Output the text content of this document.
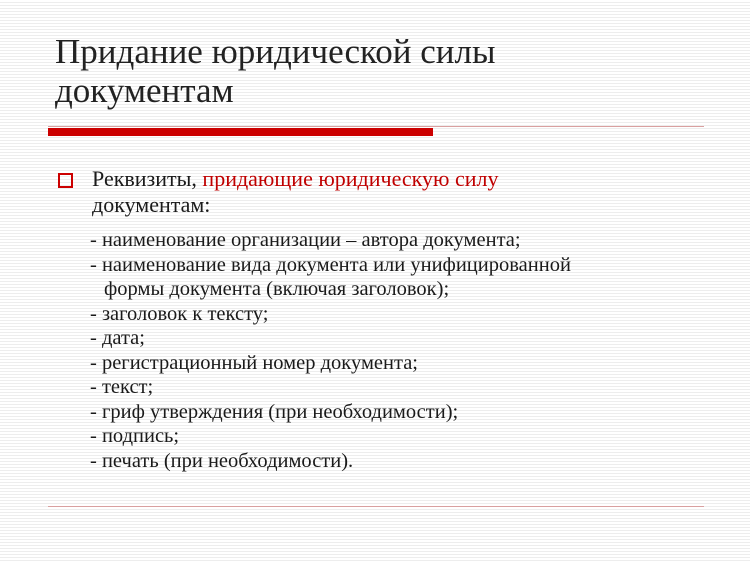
Придание юридической силы
документам
Реквизиты, придающие юридическую силу
документам:
- наименование организации – автора документа;
- наименование вида документа или унифицированной
формы документа (включая заголовок);
- заголовок к тексту;
- дата;
- регистрационный номер документа;
- текст;
- гриф утверждения (при необходимости);
- подпись;
- печать (при необходимости).
